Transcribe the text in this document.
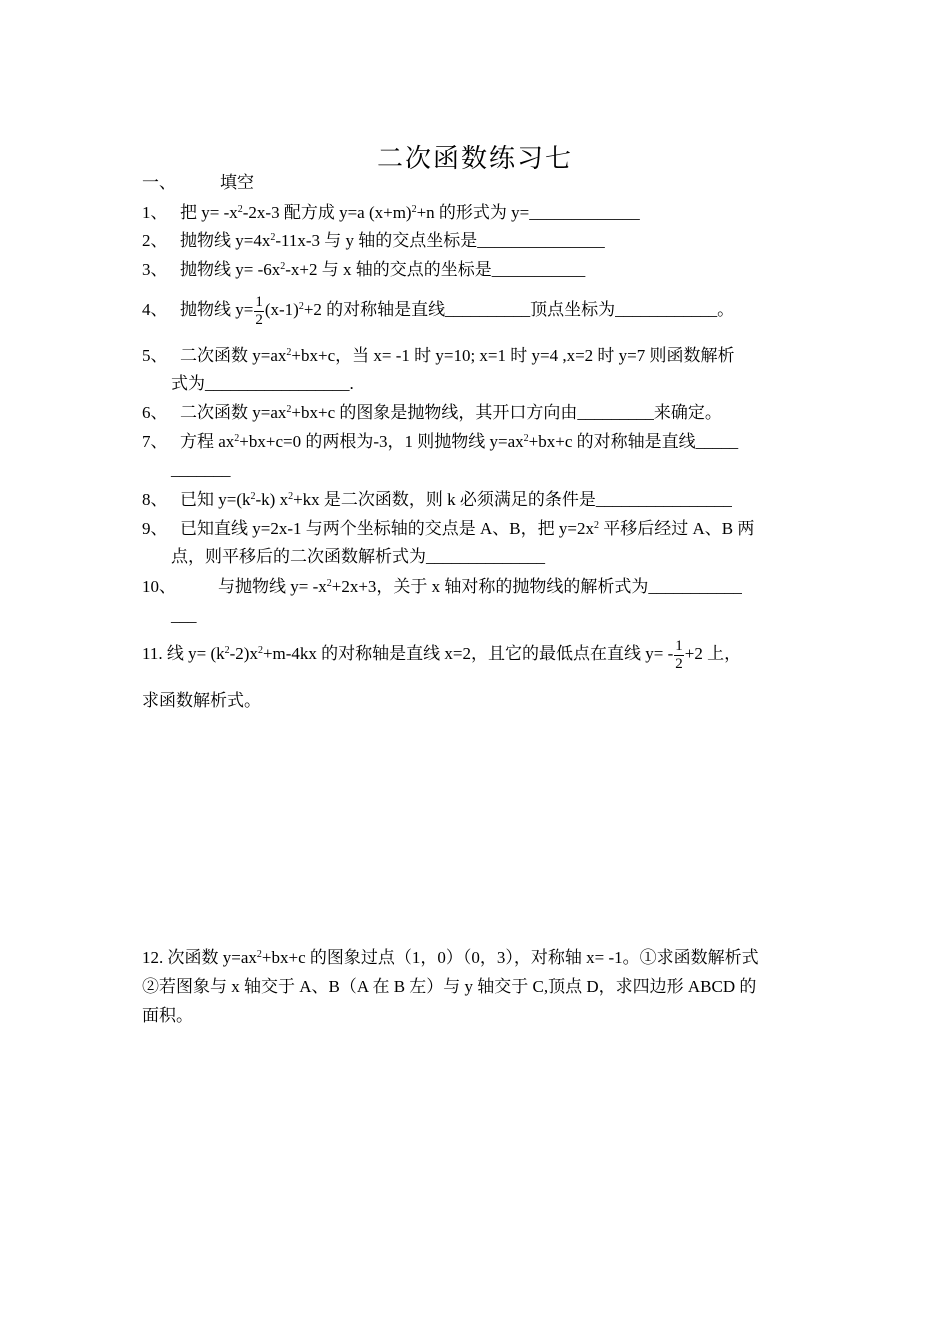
二次函数练习七
一、	填空
1、 把 $y= -x^2-2x-3$ 配方成 y=a $(x+m)^2+n$ 的形式为 y=_____________
2、 抛物线 $y=4x^2-11x-3$ 与 y 轴的交点坐标是_______________
3、 抛物线 $y= -6x^2-x+2$ 与 x 轴的交点的坐标是___________
4、 抛物线 $y= \frac{1}{2} (x-1)^2+2$ 的对称轴是直线__________顶点坐标为____________。
5、 二次函数 $y=ax^2+bx+c$，当 x= -1 时 y=10; x=1 时 y=4 ,x=2 时 y=7 则函数解析
式为_________________.
6、 二次函数 $y=ax^2+bx+c$ 的图象是抛物线，其开口方向由_________来确定。
7、 方程 $ax^2+bx+c=0$ 的两根为-3，1 则抛物线 $y=ax^2+bx+c$ 的对称轴是直线_____
_______
8、 已知 $y=(k^2-k)$ $x^2+kx$ 是二次函数，则 k 必须满足的条件是________________
9、 已知直线 y=2x-1 与两个坐标轴的交点是 A、B，把 $y=2x^2$ 平移后经过 A、B 两
点，则平移后的二次函数解析式为______________
10、 与抛物线 $y= -x^2+2x+3$，关于 x 轴对称的抛物线的解析式为___________
___
11. 线 $y= (k^2-2)x^2+m-4kx$ 的对称轴是直线 x=2，且它的最低点在直线 $y= - \frac{1}{2} +2$ 上，
求函数解析式。
12. 次函数 $y=ax^2+bx+c$ 的图象过点（1，0）（0，3），对称轴 x= -1。①求函数解析式
②若图象与 x 轴交于 A、B（A 在 B 左）与 y 轴交于 C,顶点 D，求四边形 ABCD 的
面积。
